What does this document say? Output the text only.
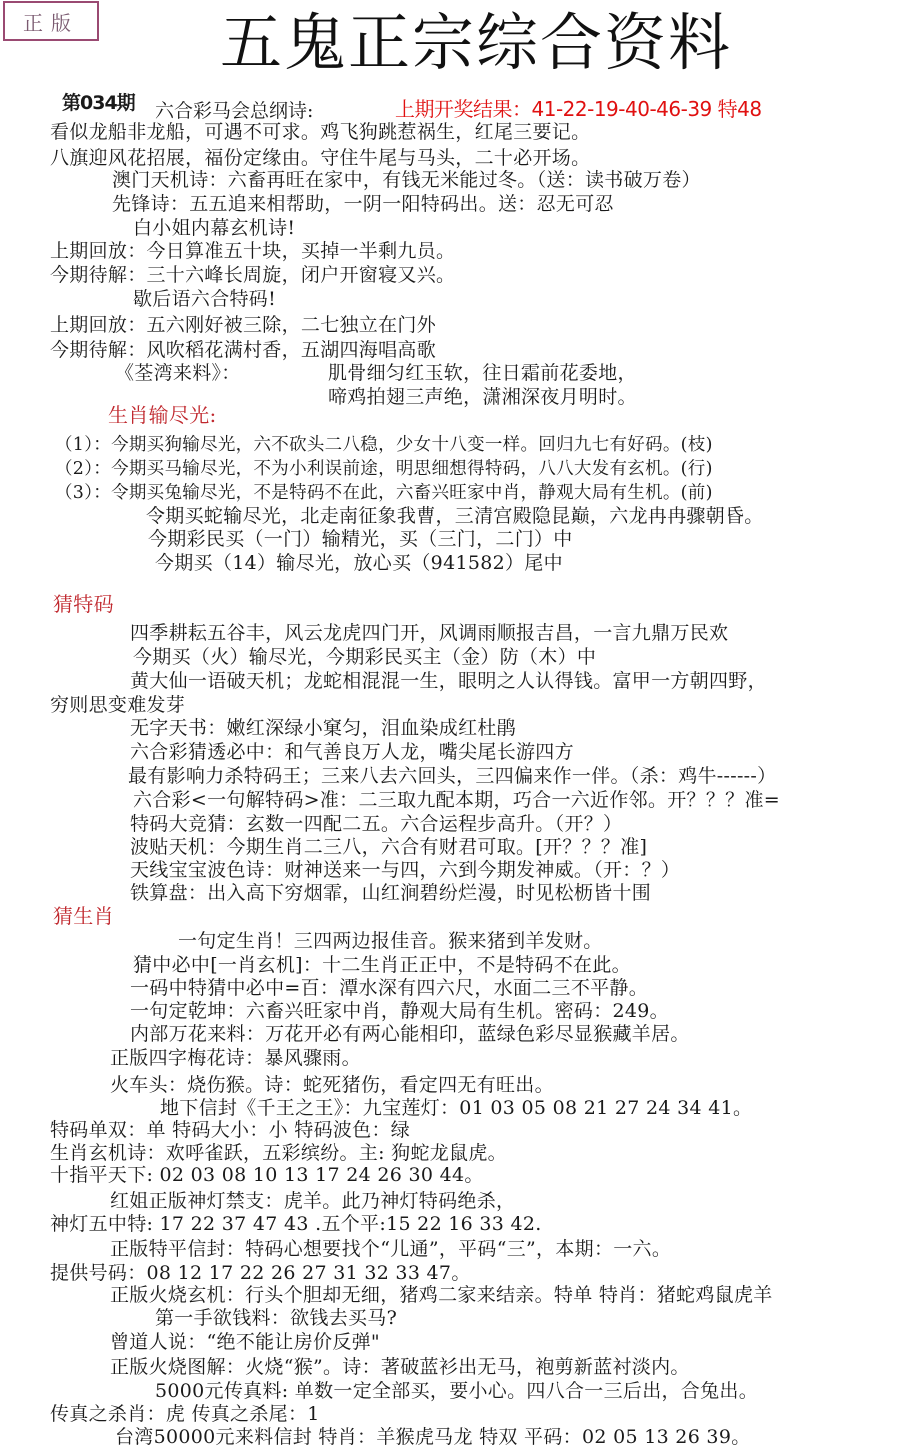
正版	五鬼正宗综合资料
第034期 六合彩马会总纲诗:	上期开奖结果：41-22-19-40-46-39 特48
生肖输尽光:
猜特码
猜生肖
看似龙船非龙船，可遇不可求。鸡飞狗跳惹祸生，红尾三要记。
八旗迎风花招展，福份定缘由。守住牛尾与马头，二十必开场。
澳门天机诗：六畜再旺在家中，有钱无米能过冬。（送：读书破万卷）
先锋诗：五五追来相帮助，一阴一阳特码出。送：忍无可忍
白小姐内幕玄机诗!
上期回放：今日算准五十块，买掉一半剩九员。
今期待解：三十六峰长周旋，闭户开窗寝又兴。
歇后语六合特码!
上期回放：五六刚好被三除，二七独立在门外
今期待解：风吹稻花满村香，五湖四海唱高歌
《荃湾来料》：	肌骨细匀红玉软，往日霜前花委地，
啼鸡拍翅三声绝，潇湘深夜月明时。
（1）：今期买狗输尽光，六不砍头二八稳，少女十八变一样。回归九七有好码。(枝)
（2）：今期买马输尽光，不为小利误前途，明思细想得特码，八八大发有玄机。(行)
（3）：令期买兔输尽光，不是特码不在此，六畜兴旺家中肖，静观大局有生机。(前)
令期买蛇输尽光，北走南征象我曹，三清宫殿隐昆巅，六龙冉冉骤朝昏。
今期彩民买（一门）输精光，买（三门，二门）中
今期买（14）输尽光，放心买（941582）尾中
四季耕耘五谷丰，风云龙虎四门开，风调雨顺报吉昌，一言九鼎万民欢
今期买（火）输尽光，今期彩民买主（金）防（木）中
黄大仙一语破天机；龙蛇相混混一生，眼明之人认得钱。富甲一方朝四野，
穷则思变难发芽
无字天书：嫩红深绿小窠匀，泪血染成红杜鹃
六合彩猜透必中：和气善良万人龙，嘴尖尾长游四方
最有影响力杀特码王；三来八去六回头，三四偏来作一伴。（杀：鸡牛------）
六合彩<一句解特码>准：二三取九配本期，巧合一六近作邻。开？？？准=
特码大竞猜：玄数一四配二五。六合运程步高升。（开？）
波贴天机：今期生肖二三八，六合有财君可取。[开？？？准]
天线宝宝波色诗：财神送来一与四，六到今期发神威。（开：？）
铁算盘：出入高下穷烟霏，山红涧碧纷烂漫，时见松枥皆十围
一句定生肖！三四两边报佳音。猴来猪到羊发财。
猜中必中[一肖玄机]：十二生肖正正中，不是特码不在此。
一码中特猜中必中=百：潭水深有四六尺，水面二三不平静。
一句定乾坤：六畜兴旺家中肖，静观大局有生机。密码：249。
内部万花来料：万花开必有两心能相印，蓝绿色彩尽显猴藏羊居。
正版四字梅花诗：暴风骤雨。
火车头：烧伤猴。诗：蛇死猪伤，看定四无有旺出。
地下信封《千王之王》：九宝莲灯：01 03 05 08 21 27 24 34 41。
特码单双：单 特码大小：小 特码波色：绿
生肖玄机诗：欢呼雀跃，五彩缤纷。主: 狗蛇龙鼠虎。
十指平天下: 02 03 08 10 13 17 24 26 30 44。
红姐正版神灯禁支：虎羊。此乃神灯特码绝杀，
神灯五中特: 17 22 37 47 43 .五个平:15 22 16 33 42.
正版特平信封：特码心想要找个“儿通”，平码“三”，本期：一六。
提供号码：08 12 17 22 26 27 31 32 33 47。
正版火烧玄机：行头个胆却无细，猪鸡二家来结亲。特单 特肖：猪蛇鸡鼠虎羊
第一手欲钱料：欲钱去买马?
曾道人说：“绝不能让房价反弹"
正版火烧图解：火烧“猴”。诗：著破蓝衫出无马，袍剪新蓝衬淡内。
5000元传真料: 单数一定全部买，要小心。四八合一三后出，合兔出。
传真之杀肖：虎 传真之杀尾：1
台湾50000元来料信封 特肖：羊猴虎马龙 特双 平码：02 05 13 26 39。
